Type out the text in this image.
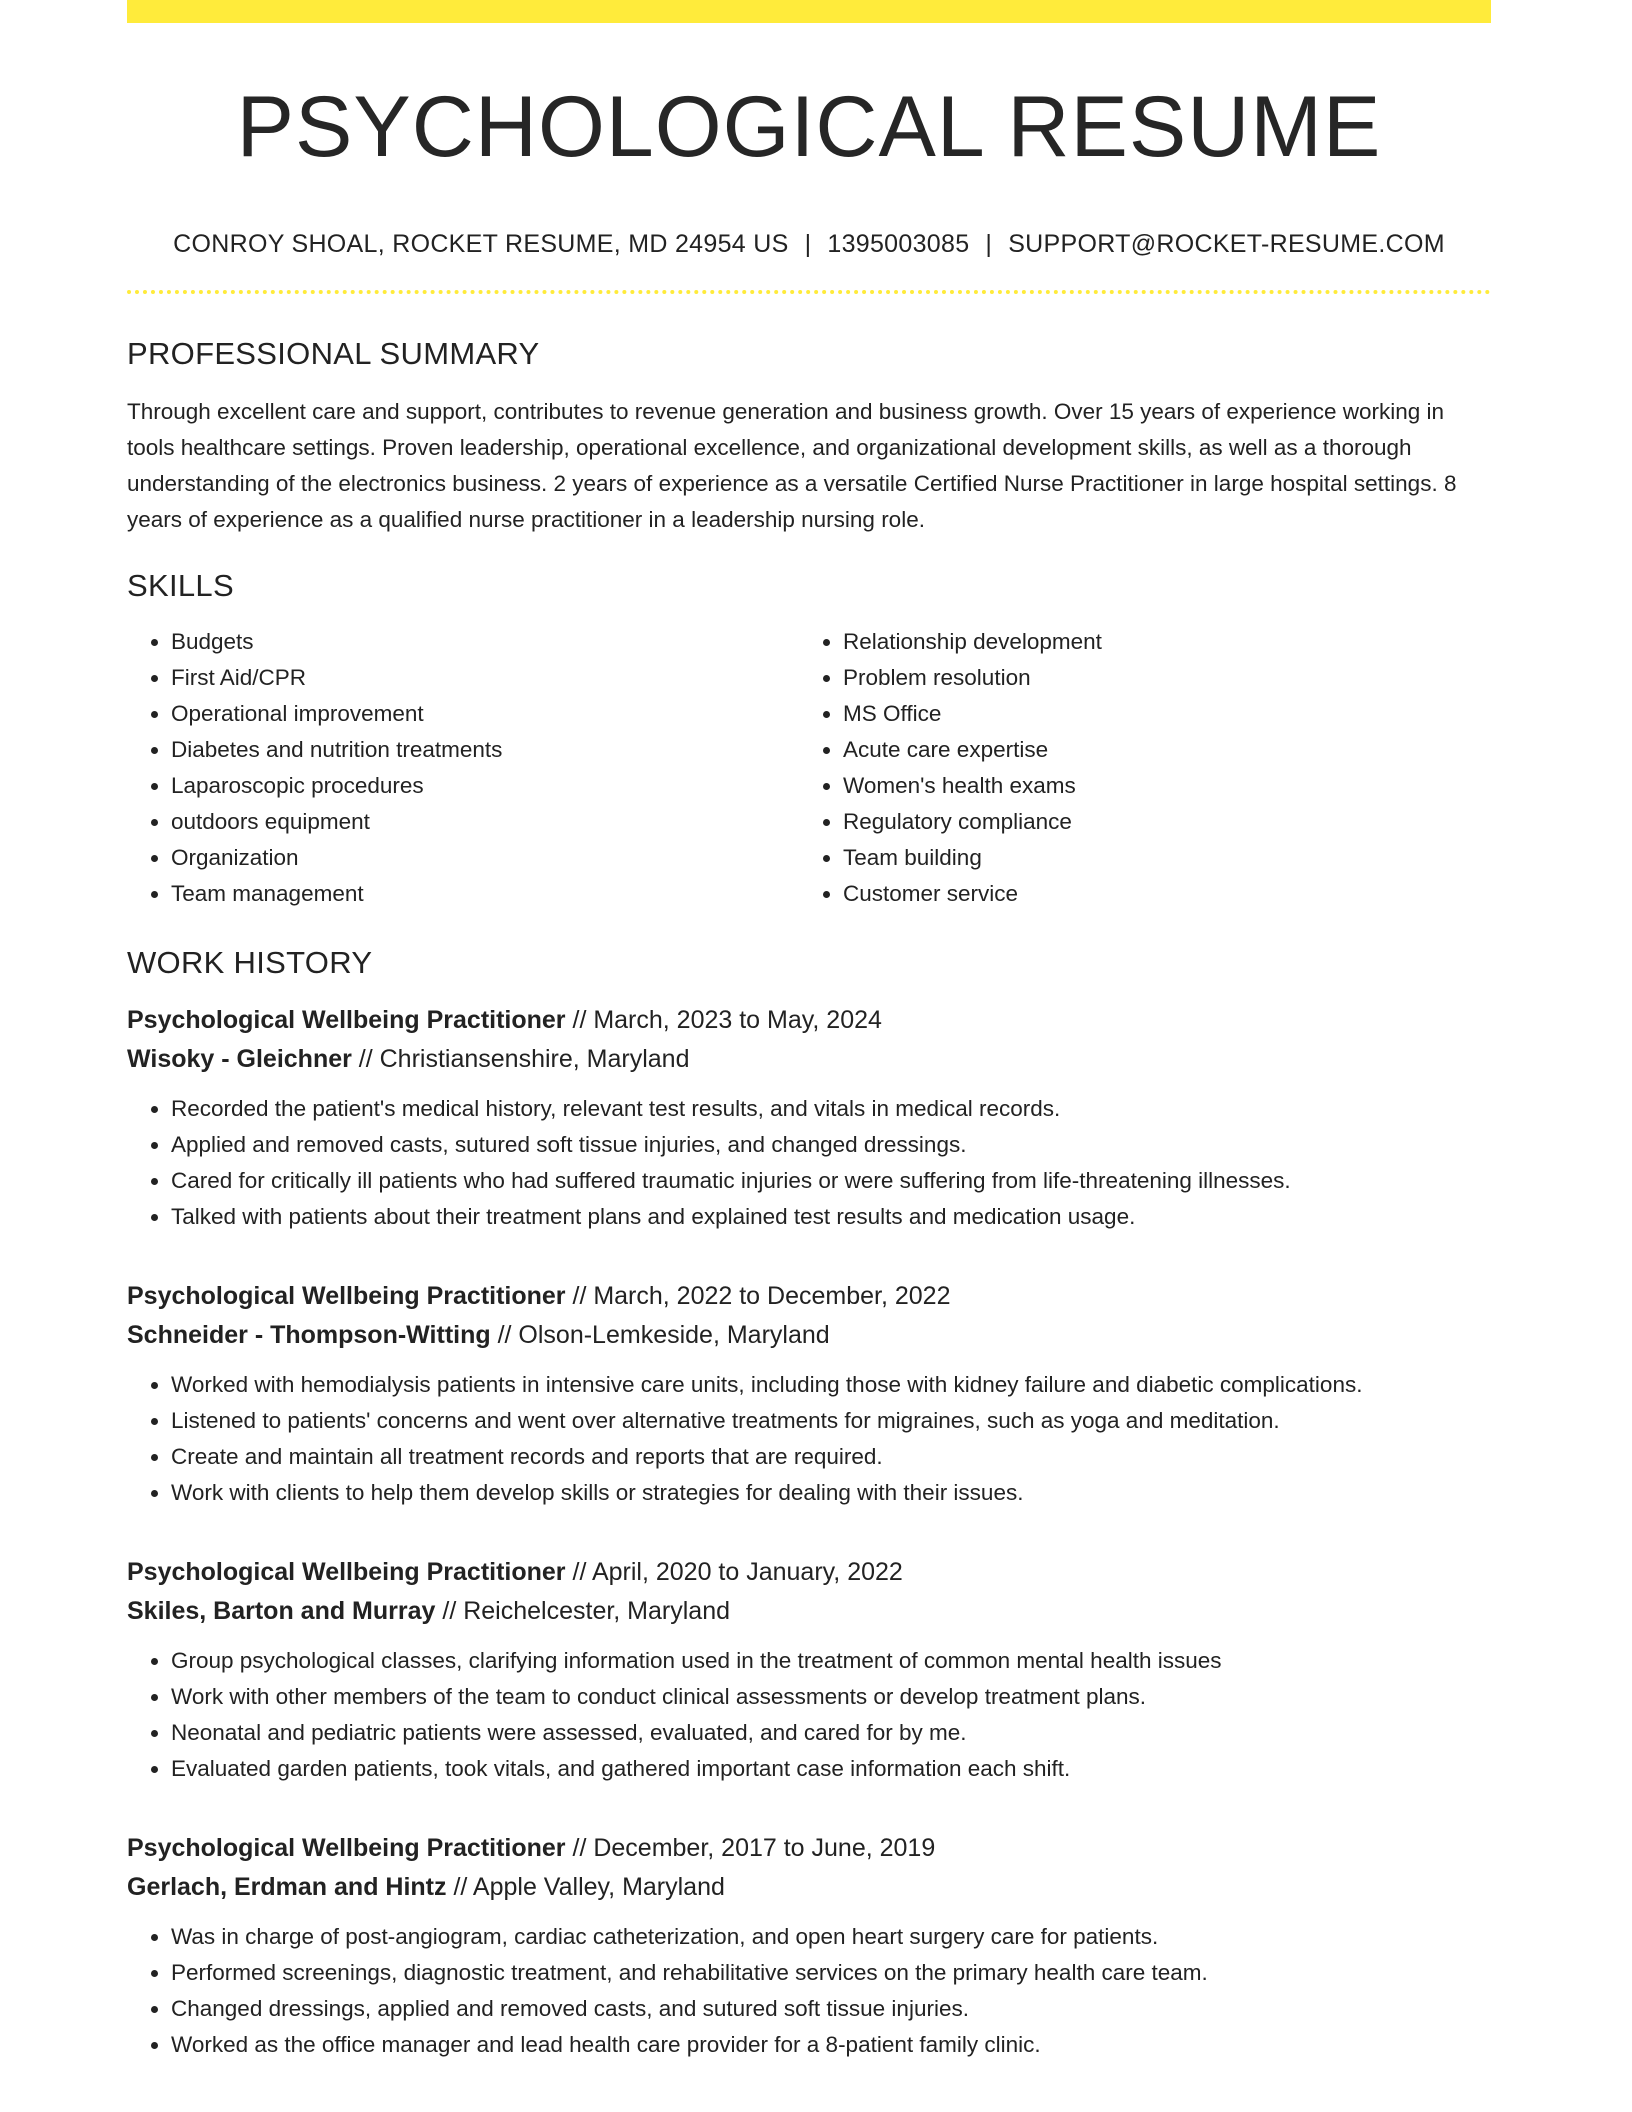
PSYCHOLOGICAL RESUME
CONROY SHOAL, ROCKET RESUME, MD 24954 US | 1395003085 | SUPPORT@ROCKET-RESUME.COM
PROFESSIONAL SUMMARY
Through excellent care and support, contributes to revenue generation and business growth. Over 15 years of experience working in tools healthcare settings. Proven leadership, operational excellence, and organizational development skills, as well as a thorough understanding of the electronics business. 2 years of experience as a versatile Certified Nurse Practitioner in large hospital settings. 8 years of experience as a qualified nurse practitioner in a leadership nursing role.
SKILLS
• Budgets
• First Aid/CPR
• Operational improvement
• Diabetes and nutrition treatments
• Laparoscopic procedures
• outdoors equipment
• Organization
• Team management
• Relationship development
• Problem resolution
• MS Office
• Acute care expertise
• Women's health exams
• Regulatory compliance
• Team building
• Customer service
WORK HISTORY
Psychological Wellbeing Practitioner // March, 2023 to May, 2024
Wisoky - Gleichner // Christiansenshire, Maryland
• Recorded the patient's medical history, relevant test results, and vitals in medical records.
• Applied and removed casts, sutured soft tissue injuries, and changed dressings.
• Cared for critically ill patients who had suffered traumatic injuries or were suffering from life-threatening illnesses.
• Talked with patients about their treatment plans and explained test results and medication usage.
Psychological Wellbeing Practitioner // March, 2022 to December, 2022
Schneider - Thompson-Witting // Olson-Lemkeside, Maryland
• Worked with hemodialysis patients in intensive care units, including those with kidney failure and diabetic complications.
• Listened to patients' concerns and went over alternative treatments for migraines, such as yoga and meditation.
• Create and maintain all treatment records and reports that are required.
• Work with clients to help them develop skills or strategies for dealing with their issues.
Psychological Wellbeing Practitioner // April, 2020 to January, 2022
Skiles, Barton and Murray // Reichelcester, Maryland
• Group psychological classes, clarifying information used in the treatment of common mental health issues
• Work with other members of the team to conduct clinical assessments or develop treatment plans.
• Neonatal and pediatric patients were assessed, evaluated, and cared for by me.
• Evaluated garden patients, took vitals, and gathered important case information each shift.
Psychological Wellbeing Practitioner // December, 2017 to June, 2019
Gerlach, Erdman and Hintz // Apple Valley, Maryland
• Was in charge of post-angiogram, cardiac catheterization, and open heart surgery care for patients.
• Performed screenings, diagnostic treatment, and rehabilitative services on the primary health care team.
• Changed dressings, applied and removed casts, and sutured soft tissue injuries.
• Worked as the office manager and lead health care provider for a 8-patient family clinic.
